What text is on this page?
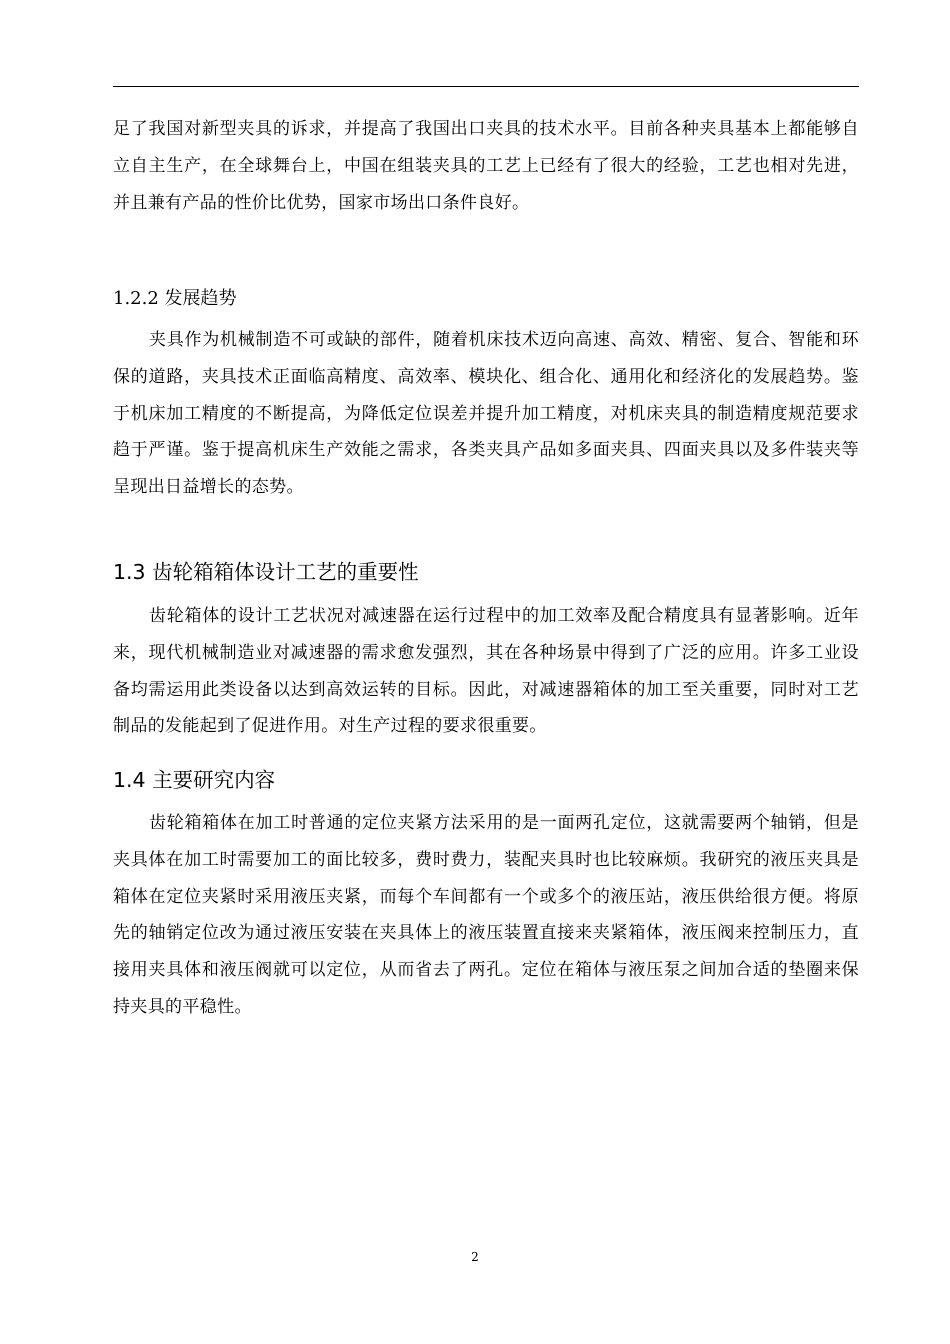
足了我国对新型夹具的诉求，并提高了我国出口夹具的技术水平。目前各种夹具基本上都能够自立自主生产，在全球舞台上，中国在组装夹具的工艺上已经有了很大的经验，工艺也相对先进，并且兼有产品的性价比优势，国家市场出口条件良好。

1.2.2 发展趋势

夹具作为机械制造不可或缺的部件，随着机床技术迈向高速、高效、精密、复合、智能和环保的道路，夹具技术正面临高精度、高效率、模块化、组合化、通用化和经济化的发展趋势。鉴于机床加工精度的不断提高，为降低定位误差并提升加工精度，对机床夹具的制造精度规范要求趋于严谨。鉴于提高机床生产效能之需求，各类夹具产品如多面夹具、四面夹具以及多件装夹等呈现出日益增长的态势。

1.3 齿轮箱箱体设计工艺的重要性

齿轮箱体的设计工艺状况对减速器在运行过程中的加工效率及配合精度具有显著影响。近年来，现代机械制造业对减速器的需求愈发强烈，其在各种场景中得到了广泛的应用。许多工业设备均需运用此类设备以达到高效运转的目标。因此，对减速器箱体的加工至关重要，同时对工艺制品的发能起到了促进作用。对生产过程的要求很重要。

1.4 主要研究内容

齿轮箱箱体在加工时普通的定位夹紧方法采用的是一面两孔定位，这就需要两个轴销，但是夹具体在加工时需要加工的面比较多，费时费力，装配夹具时也比较麻烦。我研究的液压夹具是箱体在定位夹紧时采用液压夹紧，而每个车间都有一个或多个的液压站，液压供给很方便。将原先的轴销定位改为通过液压安装在夹具体上的液压装置直接来夹紧箱体，液压阀来控制压力，直接用夹具体和液压阀就可以定位，从而省去了两孔。定位在箱体与液压泵之间加合适的垫圈来保持夹具的平稳性。

2
